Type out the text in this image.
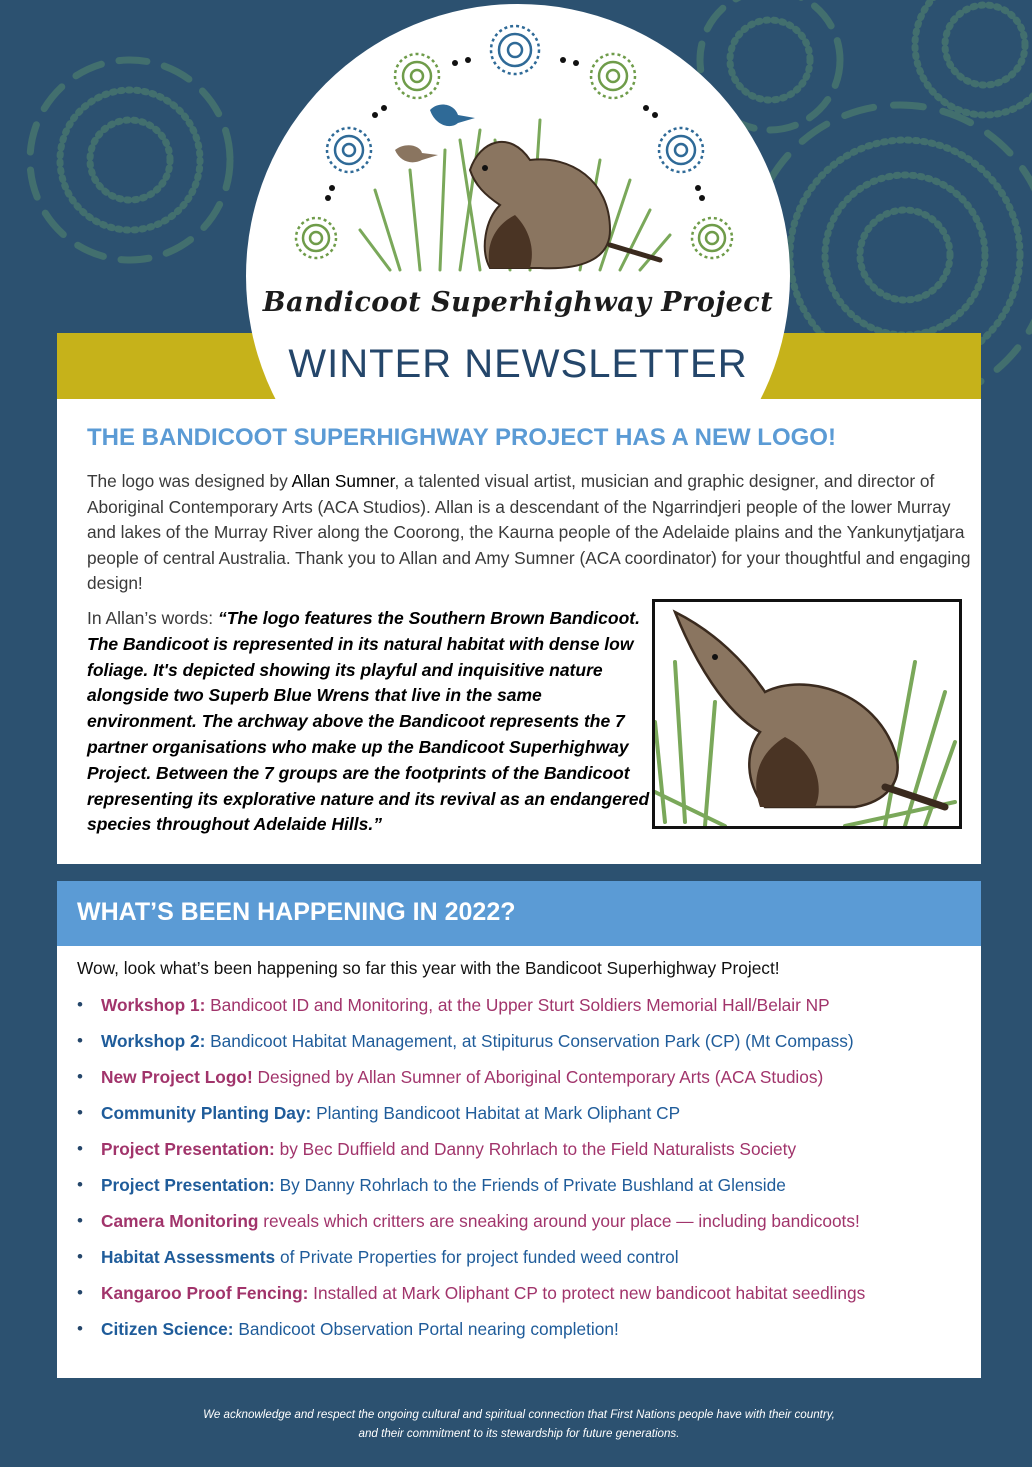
Bandicoot Superhighway Project
WINTER NEWSLETTER
THE BANDICOOT SUPERHIGHWAY PROJECT HAS A NEW LOGO!

The logo was designed by Allan Sumner, a talented visual artist, musician and graphic designer, and director of Aboriginal Contemporary Arts (ACA Studios). Allan is a descendant of the Ngarrindjeri people of the lower Murray and lakes of the Murray River along the Coorong, the Kaurna people of the Adelaide plains and the Yankunytjatjara people of central Australia. Thank you to Allan and Amy Sumner (ACA coordinator) for your thoughtful and engaging design!

In Allan’s words: “The logo features the Southern Brown Bandicoot. The Bandicoot is represented in its natural habitat with dense low foliage. It's depicted showing its playful and inquisitive nature alongside two Superb Blue Wrens that live in the same environment. The archway above the Bandicoot represents the 7 partner organisations who make up the Bandicoot Superhighway Project. Between the 7 groups are the footprints of the Bandicoot representing its explorative nature and its revival as an endangered species throughout Adelaide Hills.”

WHAT’S BEEN HAPPENING IN 2022?
Wow, look what’s been happening so far this year with the Bandicoot Superhighway Project!
•	Workshop 1: Bandicoot ID and Monitoring, at the Upper Sturt Soldiers Memorial Hall/Belair NP
•	Workshop 2: Bandicoot Habitat Management, at Stipiturus Conservation Park (CP) (Mt Compass)
•	New Project Logo! Designed by Allan Sumner of Aboriginal Contemporary Arts (ACA Studios)
•	Community Planting Day: Planting Bandicoot Habitat at Mark Oliphant CP
•	Project Presentation: by Bec Duffield and Danny Rohrlach to the Field Naturalists Society
•	Project Presentation: By Danny Rohrlach to the Friends of Private Bushland at Glenside
•	Camera Monitoring reveals which critters are sneaking around your place — including bandicoots!
•	Habitat Assessments of Private Properties for project funded weed control
•	Kangaroo Proof Fencing: Installed at Mark Oliphant CP to protect new bandicoot habitat seedlings
•	Citizen Science: Bandicoot Observation Portal nearing completion!
We acknowledge and respect the ongoing cultural and spiritual connection that First Nations people have with their country,
and their commitment to its stewardship for future generations.
